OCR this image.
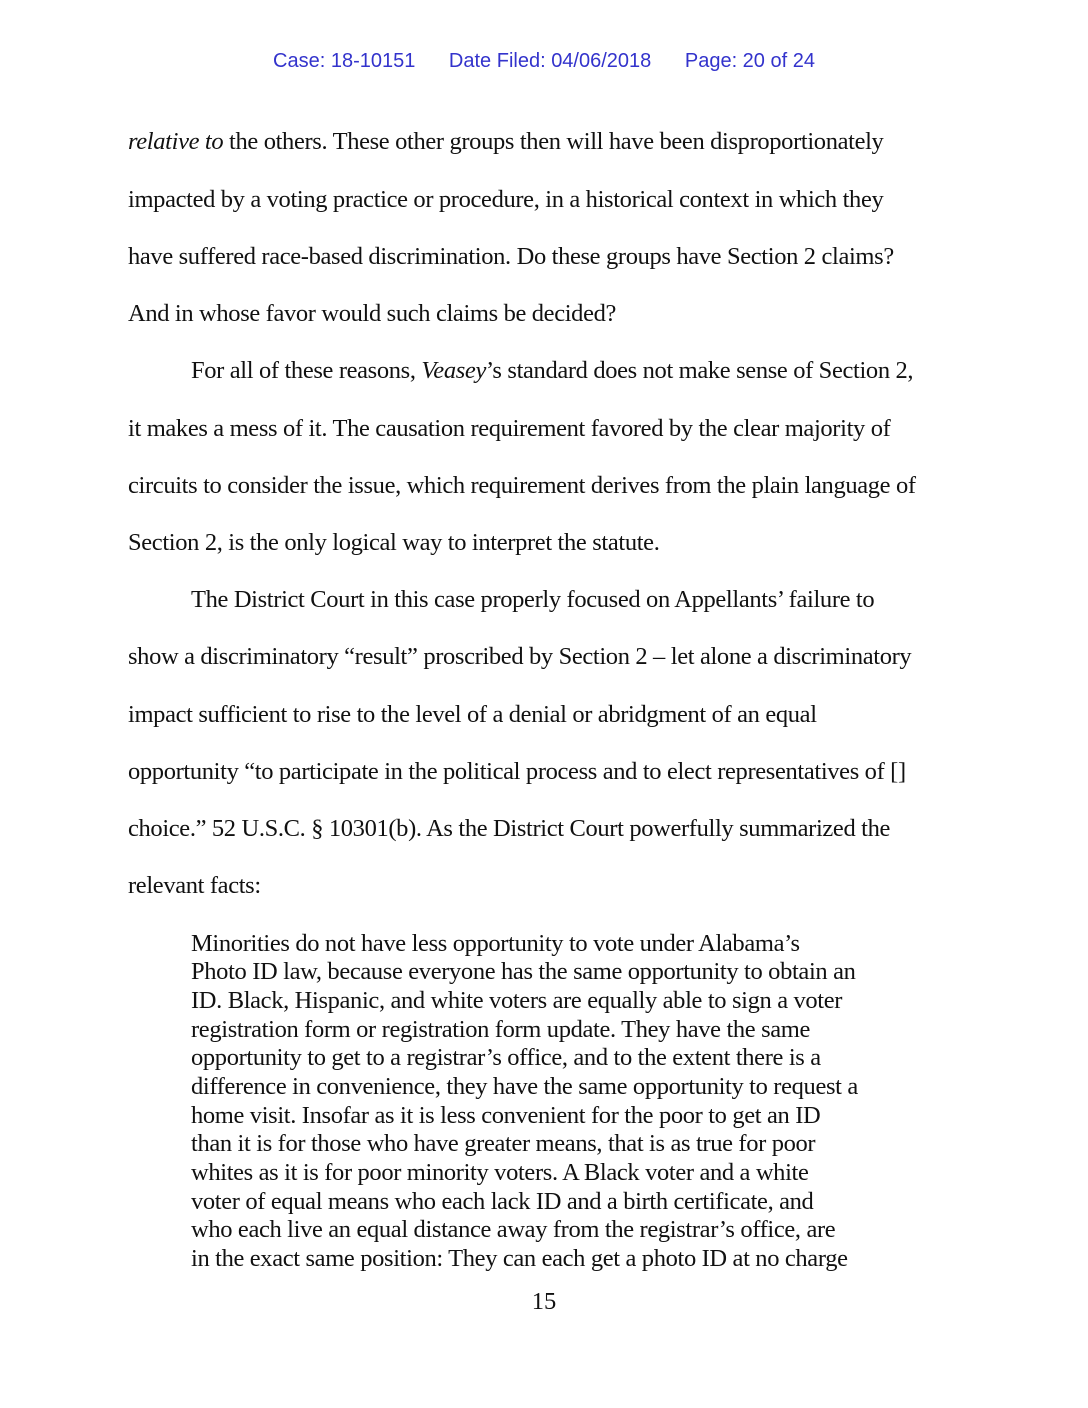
Case: 18-10151 Date Filed: 04/06/2018 Page: 20 of 24
relative to the others. These other groups then will have been disproportionately
impacted by a voting practice or procedure, in a historical context in which they
have suffered race-based discrimination. Do these groups have Section 2 claims?
And in whose favor would such claims be decided?
For all of these reasons, Veasey’s standard does not make sense of Section 2,
it makes a mess of it. The causation requirement favored by the clear majority of
circuits to consider the issue, which requirement derives from the plain language of
Section 2, is the only logical way to interpret the statute.
The District Court in this case properly focused on Appellants’ failure to
show a discriminatory “result” proscribed by Section 2 – let alone a discriminatory
impact sufficient to rise to the level of a denial or abridgment of an equal
opportunity “to participate in the political process and to elect representatives of []
choice.” 52 U.S.C. § 10301(b). As the District Court powerfully summarized the
relevant facts:
Minorities do not have less opportunity to vote under Alabama’s
Photo ID law, because everyone has the same opportunity to obtain an
ID. Black, Hispanic, and white voters are equally able to sign a voter
registration form or registration form update. They have the same
opportunity to get to a registrar’s office, and to the extent there is a
difference in convenience, they have the same opportunity to request a
home visit. Insofar as it is less convenient for the poor to get an ID
than it is for those who have greater means, that is as true for poor
whites as it is for poor minority voters. A Black voter and a white
voter of equal means who each lack ID and a birth certificate, and
who each live an equal distance away from the registrar’s office, are
in the exact same position: They can each get a photo ID at no charge
15
